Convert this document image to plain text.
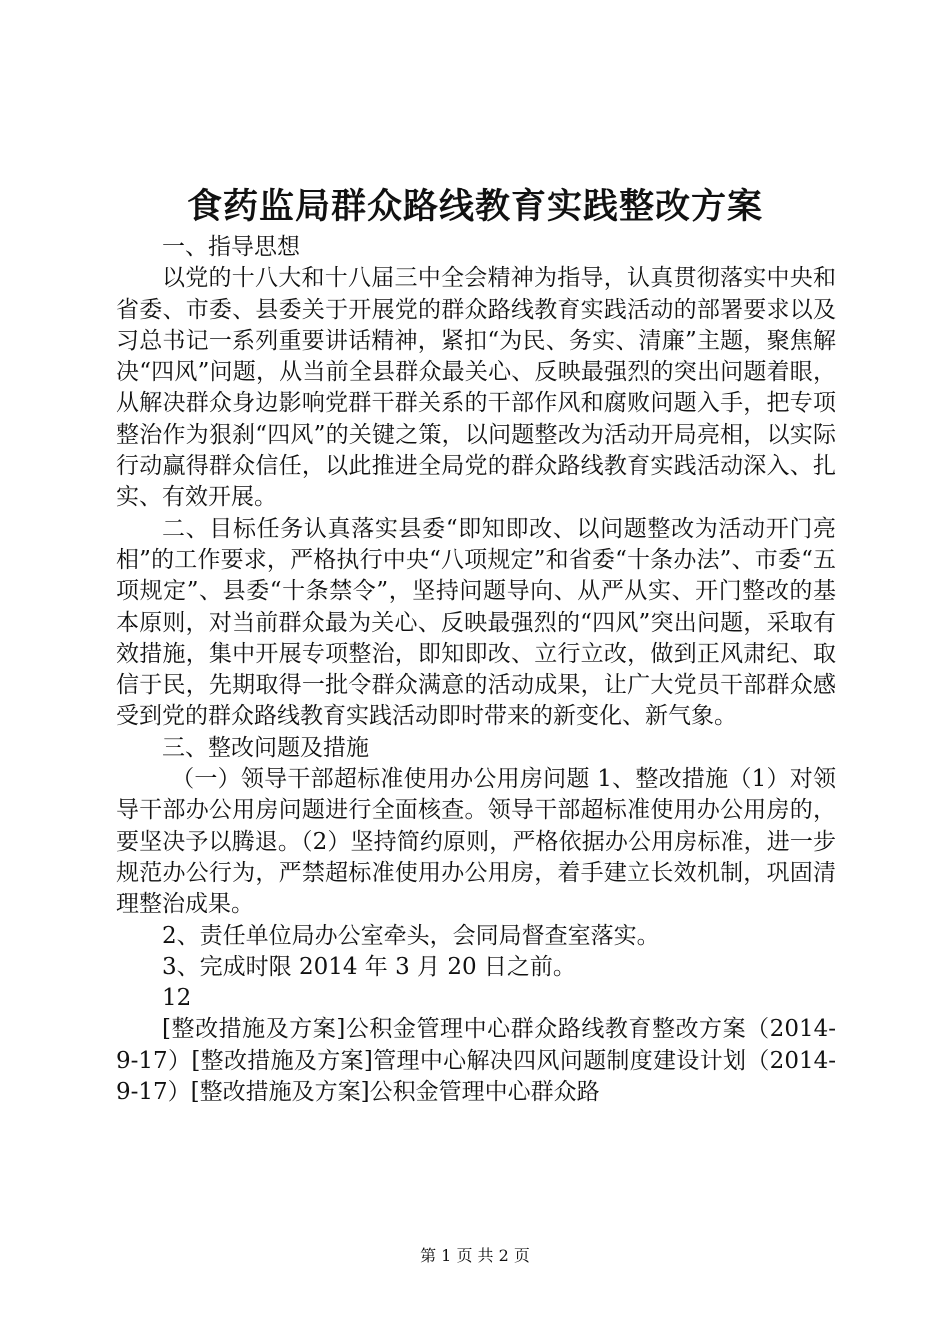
食药监局群众路线教育实践整改方案

一、指导思想

以党的十八大和十八届三中全会精神为指导，认真贯彻落实中央和省委、市委、县委关于开展党的群众路线教育实践活动的部署要求以及习总书记一系列重要讲话精神，紧扣“为民、务实、清廉”主题，聚焦解决“四风”问题，从当前全县群众最关心、反映最强烈的突出问题着眼，从解决群众身边影响党群干群关系的干部作风和腐败问题入手，把专项整治作为狠刹“四风”的关键之策，以问题整改为活动开局亮相，以实际行动赢得群众信任，以此推进全局党的群众路线教育实践活动深入、扎实、有效开展。

二、目标任务认真落实县委“即知即改、以问题整改为活动开门亮相”的工作要求，严格执行中央“八项规定”和省委“十条办法”、市委“五项规定”、县委“十条禁令”，坚持问题导向、从严从实、开门整改的基本原则，对当前群众最为关心、反映最强烈的“四风”突出问题，采取有效措施，集中开展专项整治，即知即改、立行立改，做到正风肃纪、取信于民，先期取得一批令群众满意的活动成果，让广大党员干部群众感受到党的群众路线教育实践活动即时带来的新变化、新气象。

三、整改问题及措施

（一）领导干部超标准使用办公用房问题 1、整改措施（1）对领导干部办公用房问题进行全面核查。领导干部超标准使用办公用房的，要坚决予以腾退。（2）坚持简约原则，严格依据办公用房标准，进一步规范办公行为，严禁超标准使用办公用房，着手建立长效机制，巩固清理整治成果。

2、责任单位局办公室牵头，会同局督查室落实。

3、完成时限 2014 年 3 月 20 日之前。

12

[整改措施及方案]公积金管理中心群众路线教育整改方案（2014-9-17）[整改措施及方案]管理中心解决四风问题制度建设计划（2014-9-17）[整改措施及方案]公积金管理中心群众路

第 1 页 共 2 页
